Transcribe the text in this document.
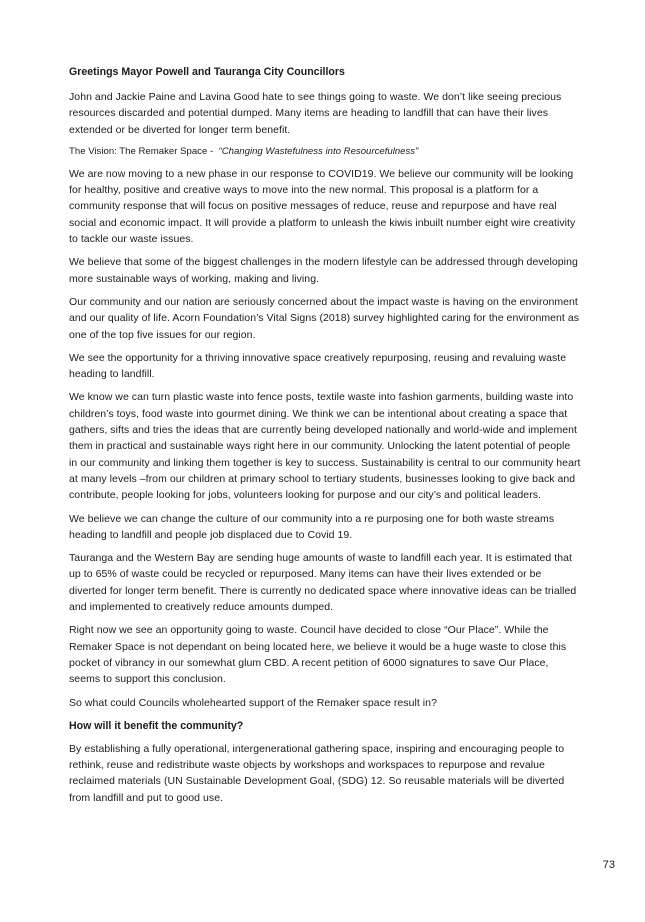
Greetings Mayor Powell and Tauranga City Councillors

John and Jackie Paine and Lavina Good hate to see things going to waste. We don’t like seeing precious resources discarded and potential dumped. Many items are heading to landfill that can have their lives extended or be diverted for longer term benefit.

The Vision: The Remaker Space - “Changing Wastefulness into Resourcefulness”

We are now moving to a new phase in our response to COVID19. We believe our community will be looking for healthy, positive and creative ways to move into the new normal. This proposal is a platform for a community response that will focus on positive messages of reduce, reuse and repurpose and have real social and economic impact. It will provide a platform to unleash the kiwis inbuilt number eight wire creativity to tackle our waste issues.

We believe that some of the biggest challenges in the modern lifestyle can be addressed through developing more sustainable ways of working, making and living.

Our community and our nation are seriously concerned about the impact waste is having on the environment and our quality of life. Acorn Foundation’s Vital Signs (2018) survey highlighted caring for the environment as one of the top five issues for our region.

We see the opportunity for a thriving innovative space creatively repurposing, reusing and revaluing waste heading to landfill.

We know we can turn plastic waste into fence posts, textile waste into fashion garments, building waste into children’s toys, food waste into gourmet dining. We think we can be intentional about creating a space that gathers, sifts and tries the ideas that are currently being developed nationally and world-wide and implement them in practical and sustainable ways right here in our community. Unlocking the latent potential of people in our community and linking them together is key to success. Sustainability is central to our community heart at many levels –from our children at primary school to tertiary students, businesses looking to give back and contribute, people looking for jobs, volunteers looking for purpose and our city’s and political leaders.

We believe we can change the culture of our community into a re purposing one for both waste streams heading to landfill and people job displaced due to Covid 19.

Tauranga and the Western Bay are sending huge amounts of waste to landfill each year. It is estimated that up to 65% of waste could be recycled or repurposed. Many items can have their lives extended or be diverted for longer term benefit. There is currently no dedicated space where innovative ideas can be trialled and implemented to creatively reduce amounts dumped.

Right now we see an opportunity going to waste. Council have decided to close “Our Place”. While the Remaker Space is not dependant on being located here, we believe it would be a huge waste to close this pocket of vibrancy in our somewhat glum CBD. A recent petition of 6000 signatures to save Our Place, seems to support this conclusion.

So what could Councils wholehearted support of the Remaker space result in?

How will it benefit the community?

By establishing a fully operational, intergenerational gathering space, inspiring and encouraging people to rethink, reuse and redistribute waste objects by workshops and workspaces to repurpose and revalue reclaimed materials (UN Sustainable Development Goal, (SDG) 12. So reusable materials will be diverted from landfill and put to good use.

73
